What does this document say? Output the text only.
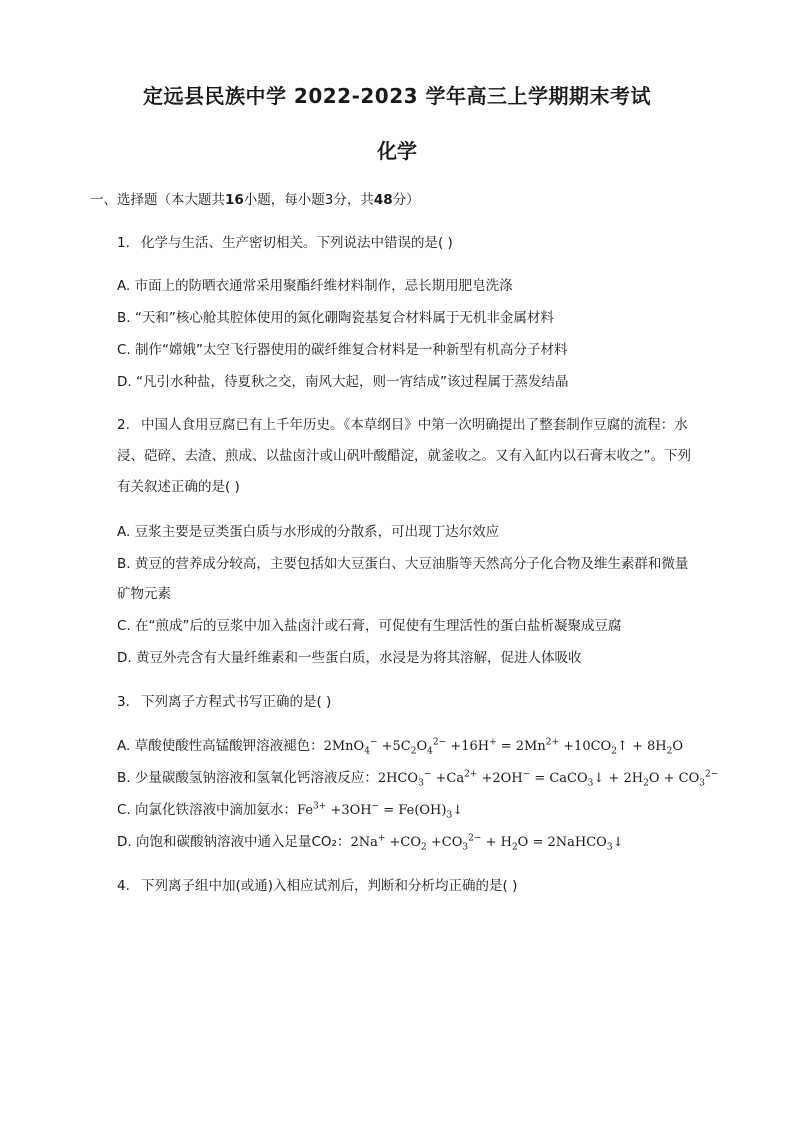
定远县民族中学 2022-2023 学年高三上学期期末考试
化学
一、选择题（本大题共16小题，每小题3分，共48分）
1. 化学与生活、生产密切相关。下列说法中错误的是( )
A. 市面上的防晒衣通常采用聚酯纤维材料制作，忌长期用肥皂洗涤
B. “天和”核心舱其腔体使用的氮化硼陶瓷基复合材料属于无机非金属材料
C. 制作“嫦娥”太空飞行器使用的碳纤维复合材料是一种新型有机高分子材料
D. “凡引水种盐，待夏秋之交，南风大起，则一宵结成”该过程属于蒸发结晶
2. 中国人食用豆腐已有上千年历史。《本草纲目》中第一次明确提出了整套制作豆腐的流程：水
浸、硙碎、去渣、煎成、以盐卤汁或山矾叶酸醋淀，就釜收之。又有入缸内以石膏末收之”。下列
有关叙述正确的是( )
A. 豆浆主要是豆类蛋白质与水形成的分散系，可出现丁达尔效应
B. 黄豆的营养成分较高，主要包括如大豆蛋白、大豆油脂等天然高分子化合物及维生素群和微量
矿物元素
C. 在“煎成”后的豆浆中加入盐卤汁或石膏，可促使有生理活性的蛋白盐析凝聚成豆腐
D. 黄豆外壳含有大量纤维素和一些蛋白质，水浸是为将其溶解，促进人体吸收
3. 下列离子方程式书写正确的是( )
A. 草酸使酸性高锰酸钾溶液褪色：$2MnO_4^- +5C_2O_4^{2-} +16H^+ = 2Mn^{2+}$ $+10CO_2↑ + 8H_2O$
B. 少量碳酸氢钠溶液和氢氧化钙溶液反应：$2HCO_3^- +Ca^{2+} +2OH^-$ = CaCO$_3$↓ + $2H_2O + CO_3^{2-}$
C. 向氯化铁溶液中滴加氨水：$Fe^{3+} +3OH^-$ = $Fe(OH)_3↓$
D. 向饱和碳酸钠溶液中通入足量CO₂：$2Na^+ +CO_2 +CO_3^{2-} + H_2O$ = 2NaHCO$_3$↓
4. 下列离子组中加(或通)入相应试剂后，判断和分析均正确的是( )
